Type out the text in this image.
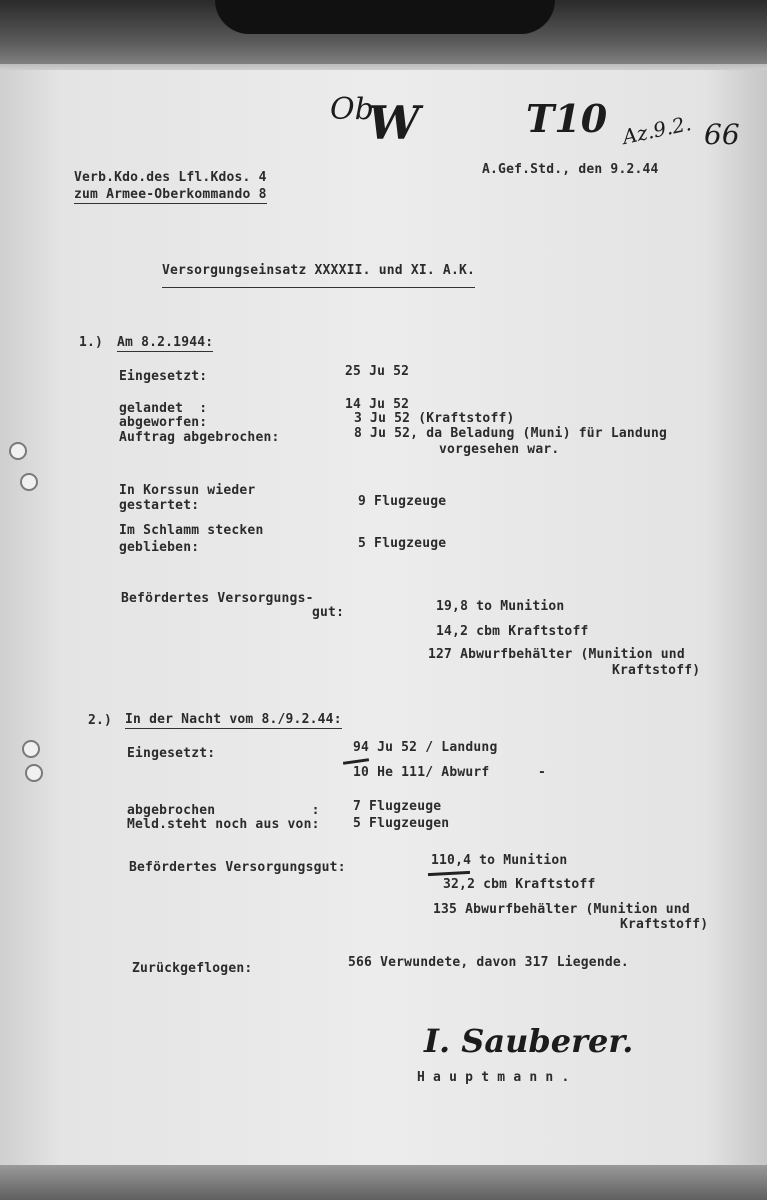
Ob.
W	T10 Az.9.2. 66
Verb.Kdo.des Lfl.Kdos. 4
zum Armee-Oberkommando 8
A.Gef.Std., den 9.2.44
Versorgungseinsatz XXXXII. und XI. A.K.
1.) Am 8.2.1944:
Eingesetzt:	25 Ju 52
gelandet  :	14 Ju 52
abgeworfen:	3 Ju 52 (Kraftstoff)
Auftrag abgebrochen:	8 Ju 52, da Beladung (Muni) für Landung
vorgesehen war.
In Korssun wieder
gestartet:	9 Flugzeuge
Im Schlamm stecken
geblieben:	5 Flugzeuge
Befördertes Versorgungs-
gut:	19,8 to Munition
14,2 cbm Kraftstoff
127 Abwurfbehälter (Munition und
Kraftstoff)
2.) In der Nacht vom 8./9.2.44:
Eingesetzt:	94 Ju 52 / Landung
10 He 111/ Abwurf	-
abgebrochen            :	7 Flugzeuge
Meld.steht noch aus von:	5 Flugzeugen
Befördertes Versorgungsgut:	110,4 to Munition
32,2 cbm Kraftstoff
135 Abwurfbehälter (Munition und
Kraftstoff)
Zurückgeflogen:	566 Verwundete, davon 317 Liegende.
I. Sauberer.
H a u p t m a n n .
